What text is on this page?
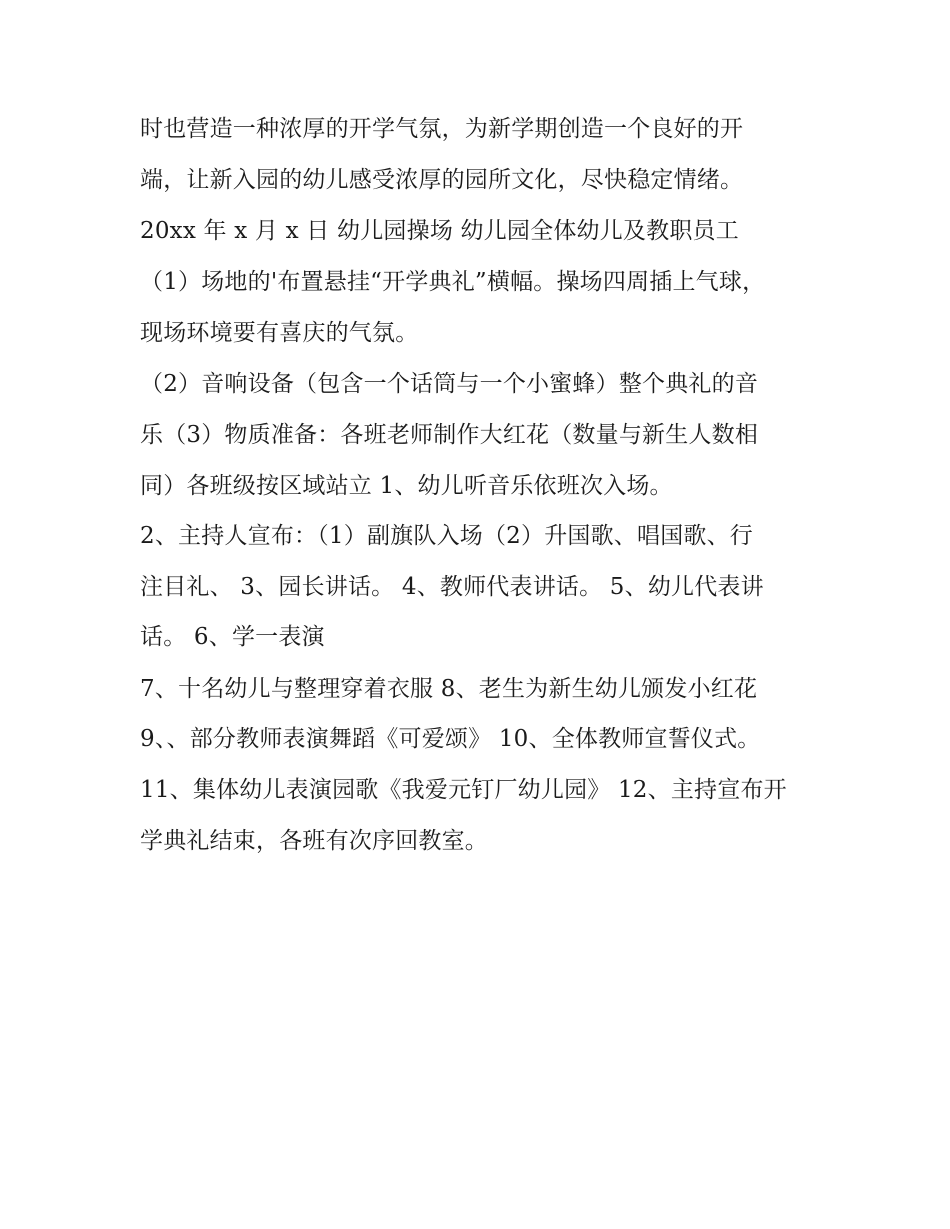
时也营造一种浓厚的开学气氛，为新学期创造一个良好的开
端，让新入园的幼儿感受浓厚的园所文化，尽快稳定情绪。
20xx 年 x 月 x 日 幼儿园操场 幼儿园全体幼儿及教职员工
（1）场地的'布置悬挂“开学典礼”横幅。操场四周插上气球，
现场环境要有喜庆的气氛。
（2）音响设备（包含一个话筒与一个小蜜蜂）整个典礼的音
乐（3）物质准备：各班老师制作大红花（数量与新生人数相
同）各班级按区域站立 1、幼儿听音乐依班次入场。
2、主持人宣布：（1）副旗队入场（2）升国歌、唱国歌、行
注目礼、 3、园长讲话。 4、教师代表讲话。 5、幼儿代表讲
话。 6、学一表演
7、十名幼儿与整理穿着衣服 8、老生为新生幼儿颁发小红花
9、、部分教师表演舞蹈《可爱颂》 10、全体教师宣誓仪式。
11、集体幼儿表演园歌《我爱元钉厂幼儿园》 12、主持宣布开
学典礼结束，各班有次序回教室。
